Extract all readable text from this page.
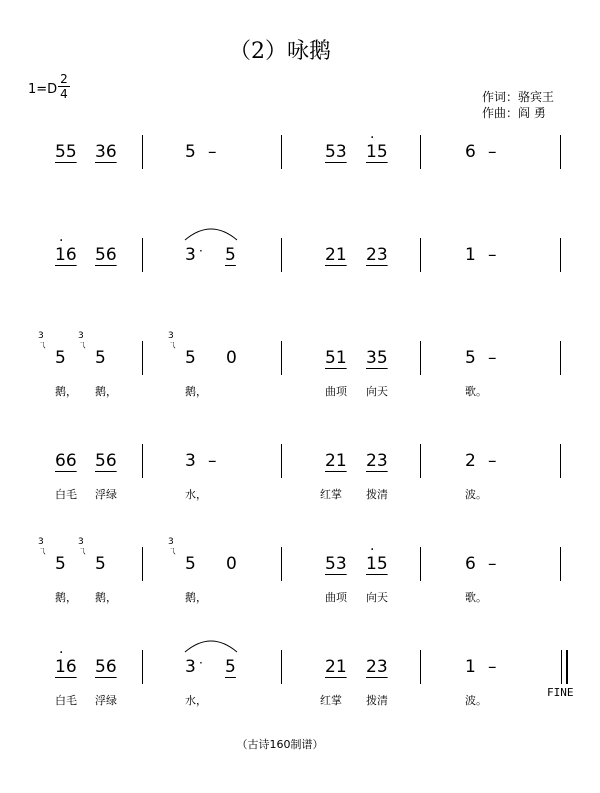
（2）咏鹅
1=D
2
4	作词：骆宾王
作曲：阎 勇
55 36	5 –	53 15
·
6 –
16
·
56	3 · 5	21 23	1 –
3
ㄟ
5
3
ㄟ
5
3
ㄟ
5 0	51 35	5 –
鹅， 鹅，	鹅，	曲项 向天	歌。
66 56	3 –	21 23	2 –
白毛 浮绿	水，	红掌 拨清	波。
3
ㄟ
5
3
ㄟ
5
3
ㄟ
5 0	53 15
·
6 –
鹅， 鹅，	鹅，	曲项 向天	歌。
16
·
56	3 · 5	21 23	1 –
FINE
白毛 浮绿	水，	红掌 拨清	波。
（古诗160制谱）
